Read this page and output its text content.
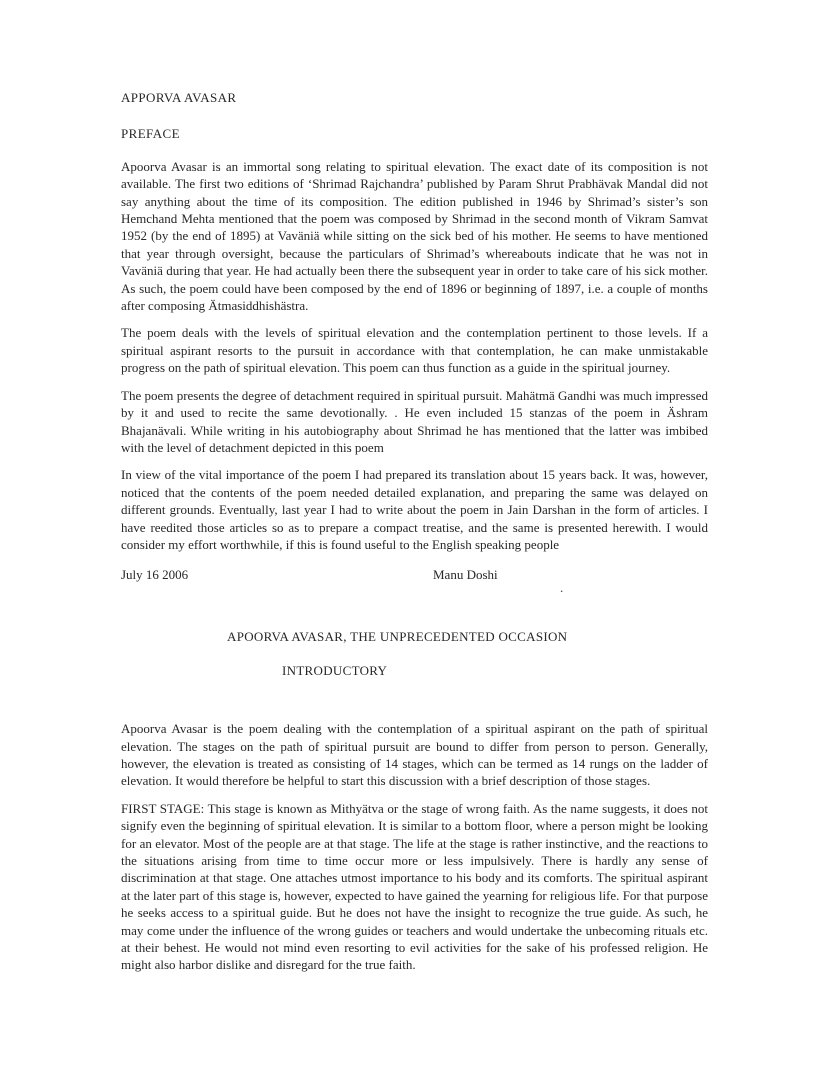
APPORVA AVASAR
PREFACE

Apoorva Avasar is an immortal song relating to spiritual elevation. The exact date of its composition is not available. The first two editions of ‘Shrimad Rajchandra’ published by Param Shrut Prabhävak Mandal did not say anything about the time of its composition. The edition published in 1946 by Shrimad’s sister’s son Hemchand Mehta mentioned that the poem was composed by Shrimad in the second month of Vikram Samvat 1952 (by the end of 1895) at Vaväniä while sitting on the sick bed of his mother. He seems to have mentioned that year through oversight, because the particulars of Shrimad’s whereabouts indicate that he was not in Vaväniä during that year. He had actually been there the subsequent year in order to take care of his sick mother. As such, the poem could have been composed by the end of 1896 or beginning of 1897, i.e. a couple of months after composing Ätmasiddhishästra.

The poem deals with the levels of spiritual elevation and the contemplation pertinent to those levels. If a spiritual aspirant resorts to the pursuit in accordance with that contemplation, he can make unmistakable progress on the path of spiritual elevation. This poem can thus function as a guide in the spiritual journey.

The poem presents the degree of detachment required in spiritual pursuit. Mahätmä Gandhi was much impressed by it and used to recite the same devotionally. . He even included 15 stanzas of the poem in Äshram Bhajanävali. While writing in his autobiography about Shrimad he has mentioned that the latter was imbibed with the level of detachment depicted in this poem

In view of the vital importance of the poem I had prepared its translation about 15 years back. It was, however, noticed that the contents of the poem needed detailed explanation, and preparing the same was delayed on different grounds. Eventually, last year I had to write about the poem in Jain Darshan in the form of articles. I have reedited those articles so as to prepare a compact treatise, and the same is presented herewith. I would consider my effort worthwhile, if this is found useful to the English speaking people

July 16 2006	Manu Doshi
.
APOORVA AVASAR, THE UNPRECEDENTED OCCASION
INTRODUCTORY

Apoorva Avasar is the poem dealing with the contemplation of a spiritual aspirant on the path of spiritual elevation. The stages on the path of spiritual pursuit are bound to differ from person to person. Generally, however, the elevation is treated as consisting of 14 stages, which can be termed as 14 rungs on the ladder of elevation. It would therefore be helpful to start this discussion with a brief description of those stages.

FIRST STAGE: This stage is known as Mithyätva or the stage of wrong faith. As the name suggests, it does not signify even the beginning of spiritual elevation. It is similar to a bottom floor, where a person might be looking for an elevator. Most of the people are at that stage. The life at the stage is rather instinctive, and the reactions to the situations arising from time to time occur more or less impulsively. There is hardly any sense of discrimination at that stage. One attaches utmost importance to his body and its comforts. The spiritual aspirant at the later part of this stage is, however, expected to have gained the yearning for religious life. For that purpose he seeks access to a spiritual guide. But he does not have the insight to recognize the true guide. As such, he may come under the influence of the wrong guides or teachers and would undertake the unbecoming rituals etc. at their behest. He would not mind even resorting to evil activities for the sake of his professed religion. He might also harbor dislike and disregard for the true faith.
